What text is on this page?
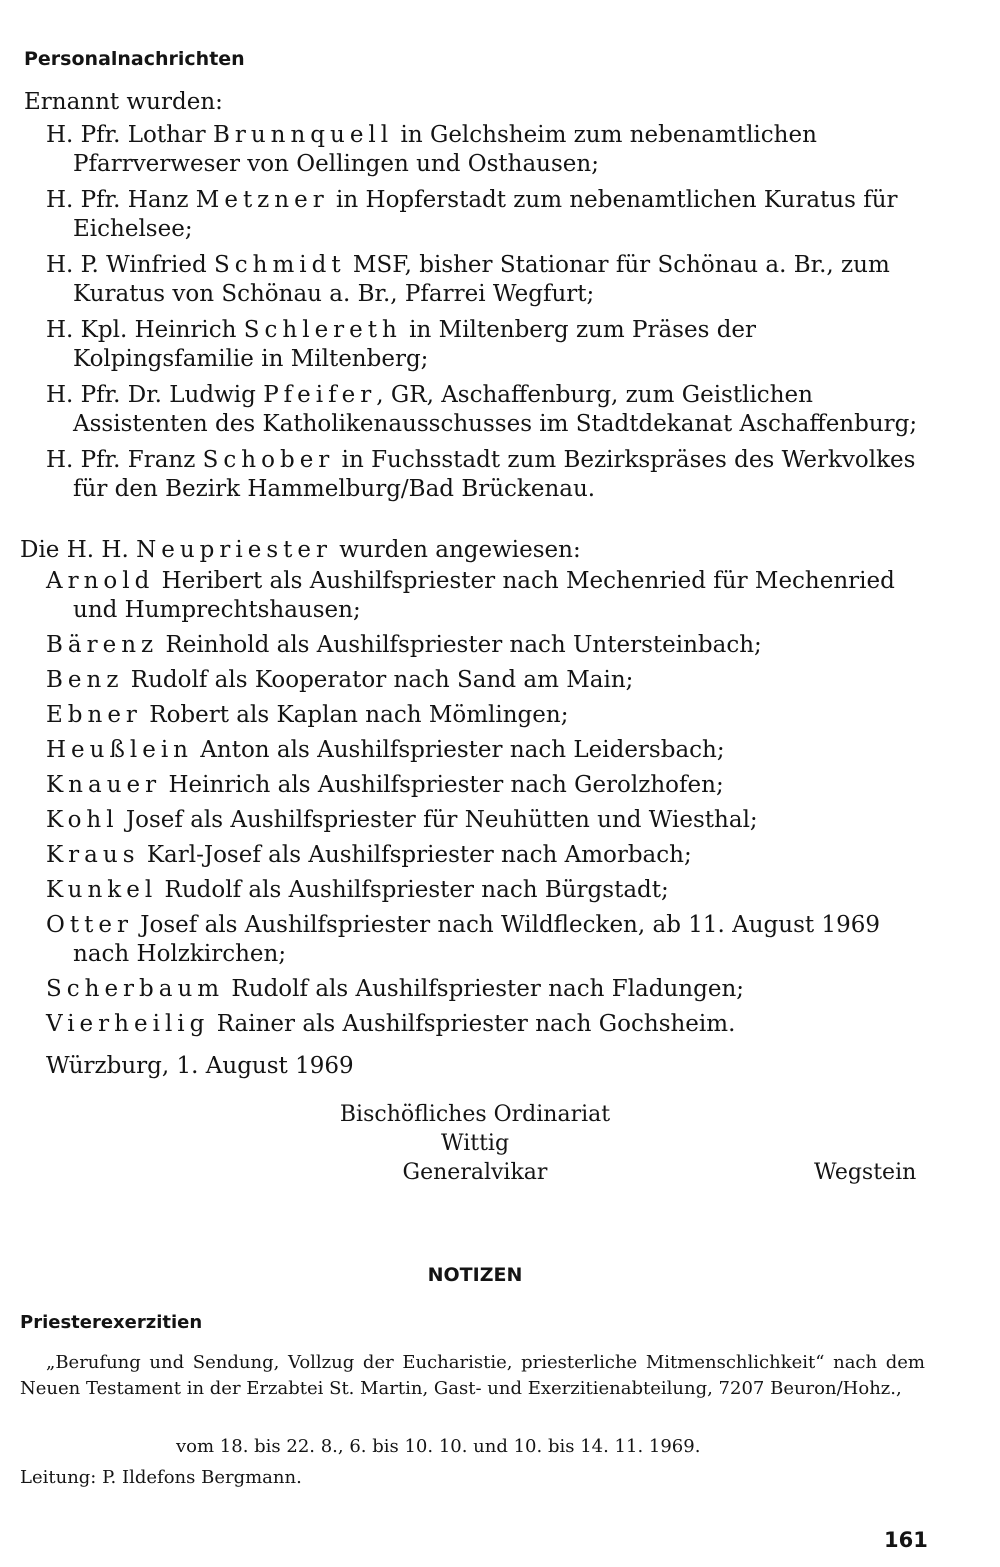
Personalnachrichten
Ernannt wurden:
H. Pfr. Lothar Brunnquell in Gelchsheim zum nebenamtlichen Pfarrverweser von Oellingen und Osthausen;
H. Pfr. Hanz Metzner in Hopferstadt zum nebenamtlichen Kuratus für Eichelsee;
H. P. Winfried Schmidt MSF, bisher Stationar für Schönau a. Br., zum Kuratus von Schönau a. Br., Pfarrei Wegfurt;
H. Kpl. Heinrich Schlereth in Miltenberg zum Präses der Kolpingsfamilie in Miltenberg;
H. Pfr. Dr. Ludwig Pfeifer, GR, Aschaffenburg, zum Geistlichen Assistenten des Katholikenausschusses im Stadtdekanat Aschaffenburg;
H. Pfr. Franz Schober in Fuchsstadt zum Bezirkspräses des Werkvolkes für den Bezirk Hammelburg/Bad Brückenau.
Die H. H. Neupriester wurden angewiesen:
Arnold Heribert als Aushilfspriester nach Mechenried für Mechenried und Humprechtshausen;
Bärenz Reinhold als Aushilfspriester nach Untersteinbach;
Benz Rudolf als Kooperator nach Sand am Main;
Ebner Robert als Kaplan nach Mömlingen;
Heußlein Anton als Aushilfspriester nach Leidersbach;
Knauer Heinrich als Aushilfspriester nach Gerolzhofen;
Kohl Josef als Aushilfspriester für Neuhütten und Wiesthal;
Kraus Karl-Josef als Aushilfspriester nach Amorbach;
Kunkel Rudolf als Aushilfspriester nach Bürgstadt;
Otter Josef als Aushilfspriester nach Wildflecken, ab 11. August 1969 nach Holzkirchen;
Scherbaum Rudolf als Aushilfspriester nach Fladungen;
Vierheilig Rainer als Aushilfspriester nach Gochsheim.
Würzburg, 1. August 1969
Bischöfliches Ordinariat
Wittig
Generalvikar	Wegstein
NOTIZEN
Priesterexerzitien
„Berufung und Sendung, Vollzug der Eucharistie, priesterliche Mitmenschlichkeit“ nach dem Neuen Testament in der Erzabtei St. Martin, Gast- und Exerzitienabteilung, 7207 Beuron/Hohz.,
vom 18. bis 22. 8., 6. bis 10. 10. und 10. bis 14. 11. 1969.
Leitung: P. Ildefons Bergmann.
161
